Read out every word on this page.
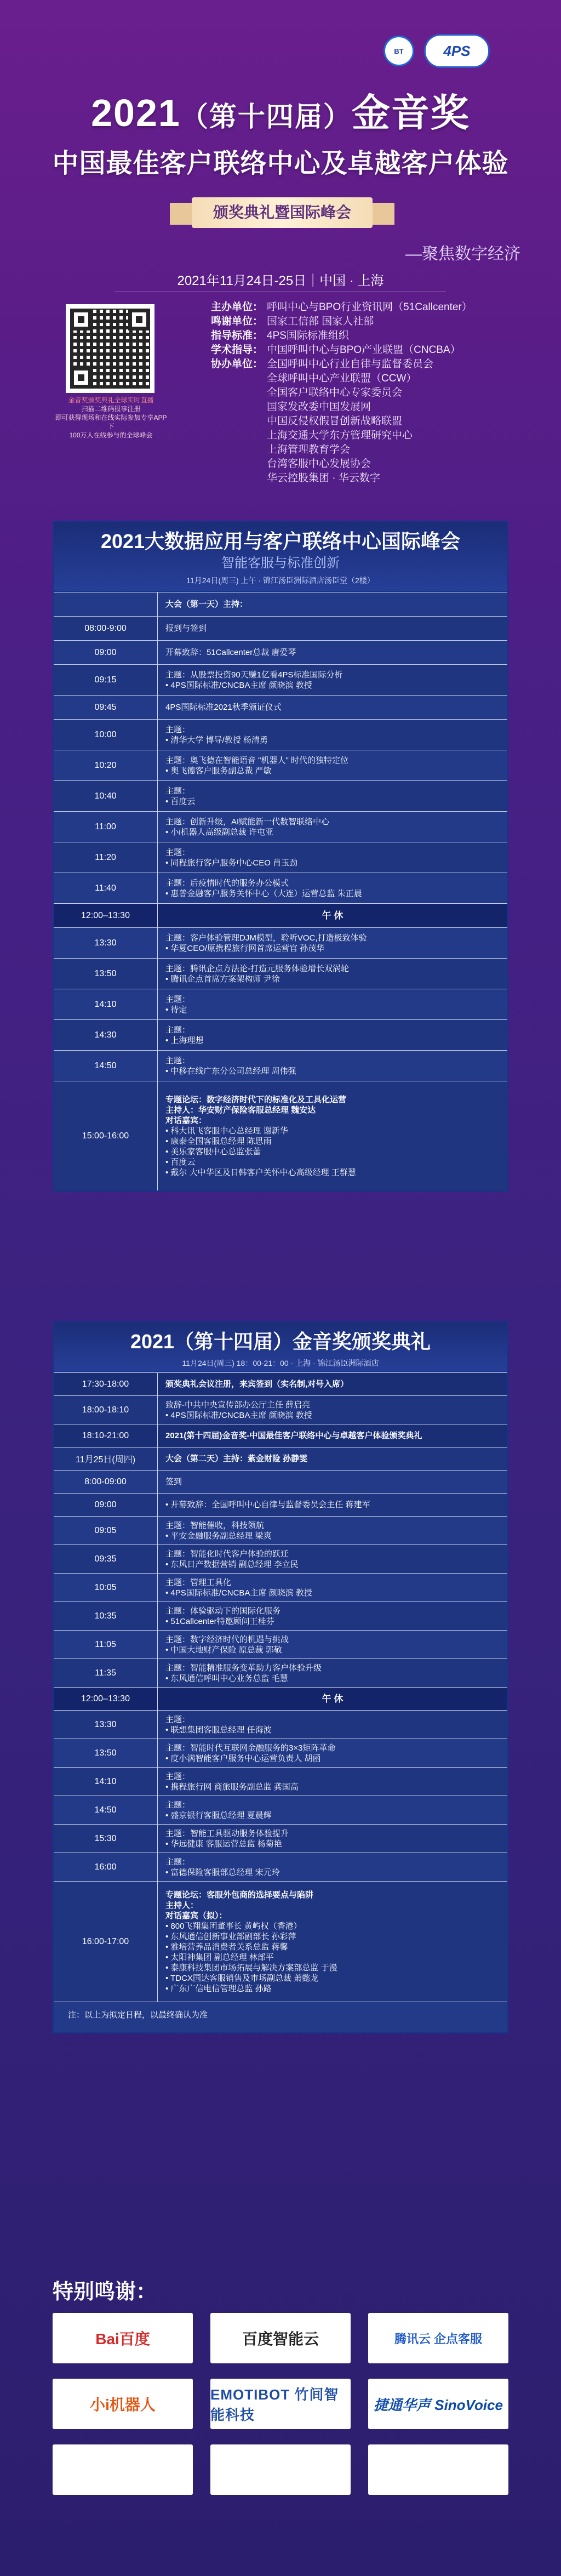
BT	4PS
2021（第十四届）金音奖
中国最佳客户联络中心及卓越客户体验
颁奖典礼暨国际峰会
—聚焦数字经济
2021年11月24日-25日｜中国 · 上海
金音奖颁奖典礼全球实时直播
扫描二维码报事注册
即可获得现场和在线实际参加专享APP下
100万人在线参与的全球峰会
主办单位： 呼叫中心与BPO行业资讯网（51Callcenter）
鸣谢单位： 国家工信部 国家人社部
指导标准： 4PS国际标准组织
学术指导： 中国呼叫中心与BPO产业联盟（CNCBA）
协办单位： 全国呼叫中心行业自律与监督委员会
全球呼叫中心产业联盟（CCW）
全国客户联络中心专家委员会
国家发改委中国发展网
中国反侵权假冒创新战略联盟
上海交通大学东方管理研究中心
上海管理教育学会
台湾客服中心发展协会
华云控股集团 · 华云数字
2021大数据应用与客户联络中心国际峰会
智能客服与标准创新
11月24日(周三) 上午 · 锦江汤臣洲际酒店汤臣堂（2楼）
大会（第一天）主持：
08:00-9:00	报到与签到
09:00	开幕致辞：51Callcenter总裁 唐爱琴
09:15
主题：从股票投资90天赚1亿看4PS标准国际分析
• 4PS国际标准/CNCBA主席 颜晓滨 教授
09:45	4PS国际标准2021秋季颁证仪式
10:00
主题：
• 清华大学 博导/教授 杨清勇
10:20
主题：奥飞德在智能语音 "机器人" 时代的独特定位
• 奥飞德客户服务副总裁 严敏
10:40
主题：
• 百度云
11:00
主题：创新升级，AI赋能新一代数智联络中心
• 小i机器人高级副总裁 许屯亚
11:20
主题：
• 同程旅行客户服务中心CEO 肖玉劲
11:40
主题：后疫情时代的服务办公模式
• 惠普金融客户服务关怀中心（大连）运营总监 朱正晨
12:00–13:30	午 休
13:30
主题：客户体验管理DJM模型，聆听VOC,打造极致体验
• 华夏CEO/原携程旅行网首席运营官 孙茂华
13:50
主题：腾讯企点方法论-打造元服务体验增长双涡轮
• 腾讯企点首席方案架构师 尹徐
14:10
主题：
• 待定
14:30
主题：
• 上海理想
14:50
主题：
• 中移在线广东分公司总经理 周伟强
15:00-16:00
专题论坛：数字经济时代下的标准化及工具化运营
主持人：华安财产保险客服总经理 魏安达
对话嘉宾：
• 科大讯飞客服中心总经理 谢新华
• 康泰全国客服总经理 陈思雨
• 美乐家客服中心总监张蕾
• 百度云
• 戴尔 大中华区及日韩客户关怀中心高级经理 王群慧
2021（第十四届）金音奖颁奖典礼
11月24日(周三) 18：00-21：00 · 上海 · 锦江汤臣洲际酒店
17:30-18:00	颁奖典礼会议注册，来宾签到（实名制,对号入席）
18:00-18:10
致辞-中共中央宣传部办公厅主任 薛启亮
• 4PS国际标准/CNCBA主席 颜晓滨 教授
18:10-21:00	2021(第十四届)金音奖-中国最佳客户联络中心与卓越客户体验颁奖典礼
11月25日(周四)	大会（第二天）主持：紫金财险 孙静雯
8:00-09:00	签到
09:00	• 开幕致辞：全国呼叫中心自律与监督委员会主任 蒋建军
09:05
主题：智能催收，科技领航
• 平安金融服务副总经理 梁爽
09:35
主题：智能化时代客户体验的跃迁
• 东风日产数据营销 副总经理 李立民
10:05
主题：管理工具化
• 4PS国际标准/CNCBA主席 颜晓滨 教授
10:35
主题：体验驱动下的国际化服务
• 51Callcenter特邀顾问王桂芬
11:05
主题：数字经济时代的机遇与挑战
• 中国大地财产保险 原总裁 郭敬
11:35
主题：智能精准服务变革助力客户体验升级
• 东风通信呼叫中心业务总监 毛慧
12:00–13:30	午 休
13:30
主题：
• 联想集团客服总经理 任海波
13:50
主题：智能时代互联网金融服务的3×3矩阵革命
• 度小满智能客户服务中心运营负责人 胡函
14:10
主题：
• 携程旅行网 商旅服务副总监 龚国高
14:50
主题：
• 盛京银行客服总经理 夏晨辉
15:30
主题：智能工具驱动服务体验提升
• 华远健康 客服运营总监 杨菊艳
16:00
主题：
• 富德保险客服部总经理 宋元玲
16:00-17:00
专题论坛：客服外包商的选择要点与陷阱
主持人：
对话嘉宾（拟）：
• 800飞翔集团董事长 黄屿权（香港）
• 东风通信创新事业部副部长 孙彩萍
• 雅培营养品消费者关系总监 蒋馨
• 太阳神集团 副总经理 林部平
• 泰康科技集团市场拓展与解决方案部总监 于漫
• TDCX国达客服销售及市场副总裁 萧懿龙
• 广东广信电信管理总监 孙路
注：以上为拟定日程，以最终确认为准
特别鸣谢：
Bai百度	百度智能云	腾讯云 企点客服
小i机器人
EMOTIBOT 竹间智能科技
捷通华声 SinoVoice
